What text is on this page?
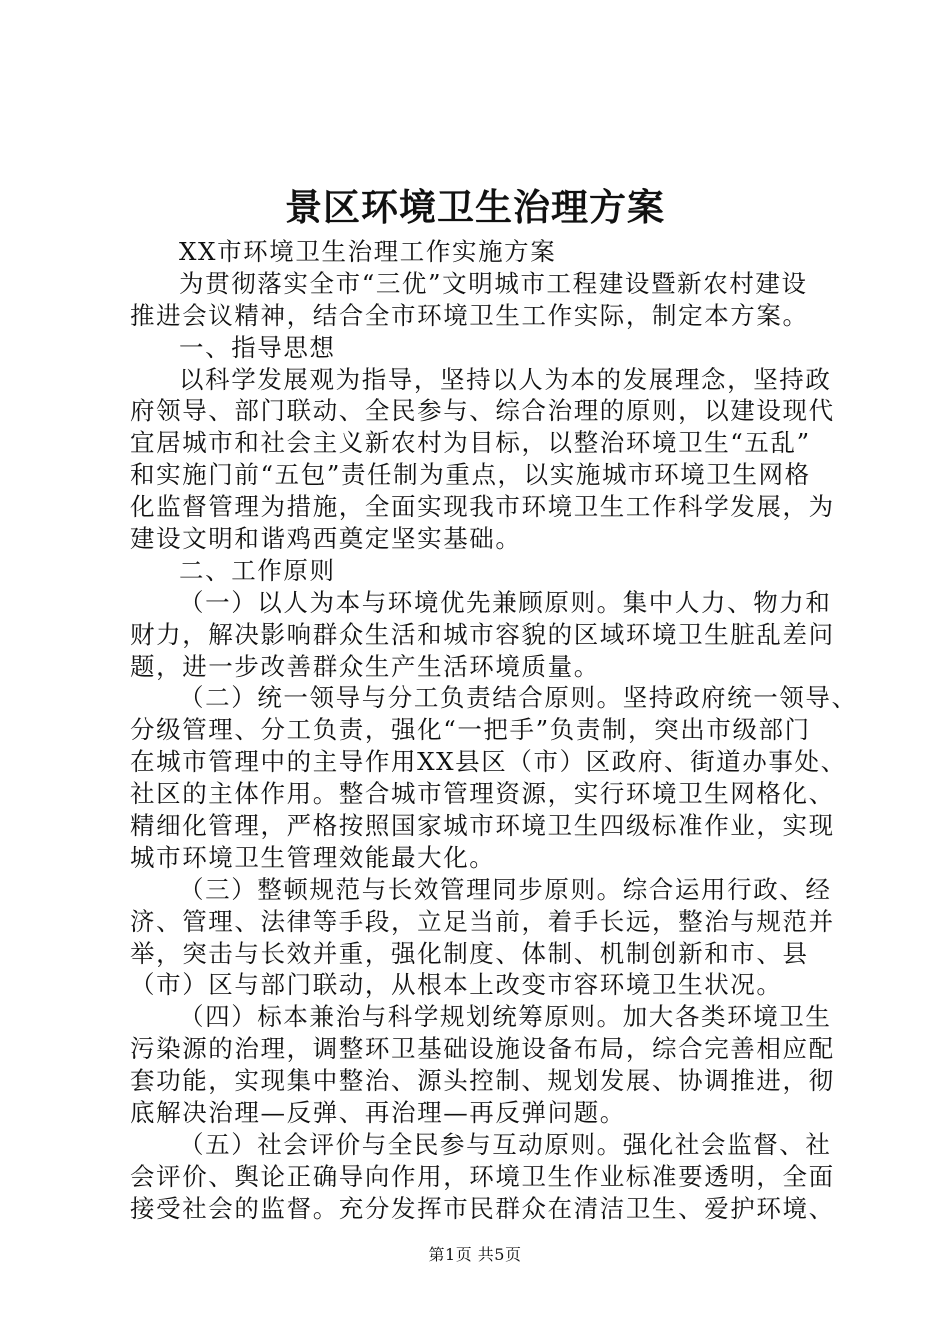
景区环境卫生治理方案
XX市环境卫生治理工作实施方案
为贯彻落实全市“三优”文明城市工程建设暨新农村建设
推进会议精神，结合全市环境卫生工作实际，制定本方案。
一、指导思想
以科学发展观为指导，坚持以人为本的发展理念，坚持政
府领导、部门联动、全民参与、综合治理的原则，以建设现代
宜居城市和社会主义新农村为目标，以整治环境卫生“五乱”
和实施门前“五包”责任制为重点，以实施城市环境卫生网格
化监督管理为措施，全面实现我市环境卫生工作科学发展，为
建设文明和谐鸡西奠定坚实基础。
二、工作原则
（一）以人为本与环境优先兼顾原则。集中人力、物力和
财力，解决影响群众生活和城市容貌的区域环境卫生脏乱差问
题，进一步改善群众生产生活环境质量。
（二）统一领导与分工负责结合原则。坚持政府统一领导、
分级管理、分工负责，强化“一把手”负责制，突出市级部门
在城市管理中的主导作用XX县区（市）区政府、街道办事处、
社区的主体作用。整合城市管理资源，实行环境卫生网格化、
精细化管理，严格按照国家城市环境卫生四级标准作业，实现
城市环境卫生管理效能最大化。
（三）整顿规范与长效管理同步原则。综合运用行政、经
济、管理、法律等手段，立足当前，着手长远，整治与规范并
举，突击与长效并重，强化制度、体制、机制创新和市、县
（市）区与部门联动，从根本上改变市容环境卫生状况。
（四）标本兼治与科学规划统筹原则。加大各类环境卫生
污染源的治理，调整环卫基础设施设备布局，综合完善相应配
套功能，实现集中整治、源头控制、规划发展、协调推进，彻
底解决治理—反弹、再治理—再反弹问题。
（五）社会评价与全民参与互动原则。强化社会监督、社
会评价、舆论正确导向作用，环境卫生作业标准要透明，全面
接受社会的监督。充分发挥市民群众在清洁卫生、爱护环境、
第1页 共5页
